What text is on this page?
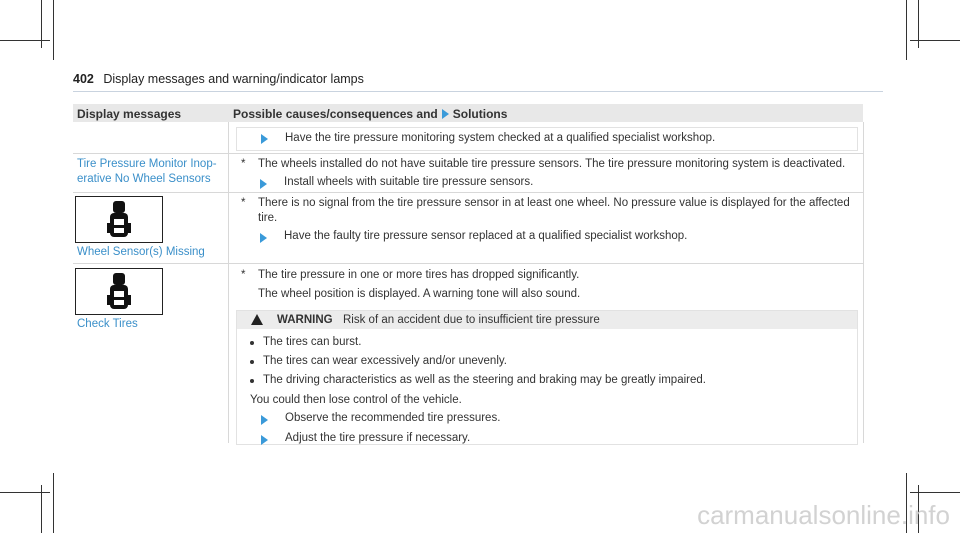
402 Display messages and warning/indicator lamps
Display messages	Possible causes/consequences and Solutions
Have the tire pressure monitoring system checked at a qualified specialist workshop.
Tire Pressure Monitor Inop-
erative No Wheel Sensors
* The wheels installed do not have suitable tire pressure sensors. The tire pressure monitoring system is deactivated.
Install wheels with suitable tire pressure sensors.
Wheel Sensor(s) Missing
* There is no signal from the tire pressure sensor in at least one wheel. No pressure value is displayed for the affected
tire.
Have the faulty tire pressure sensor replaced at a qualified specialist workshop.
Check Tires
* The tire pressure in one or more tires has dropped significantly.
The wheel position is displayed. A warning tone will also sound.
WARNING Risk of an accident due to insufficient tire pressure
The tires can burst.
The tires can wear excessively and/or unevenly.
The driving characteristics as well as the steering and braking may be greatly impaired.
You could then lose control of the vehicle.
Observe the recommended tire pressures.
Adjust the tire pressure if necessary.
carmanualsonline.info
